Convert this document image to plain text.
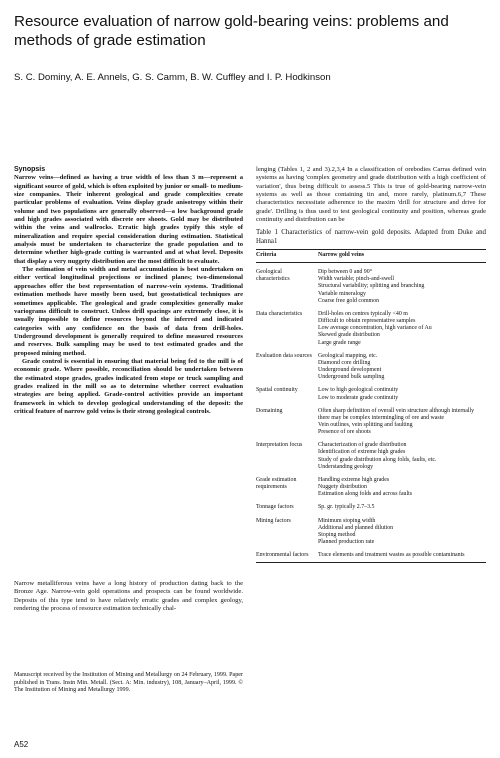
Resource evaluation of narrow gold-bearing veins: problems and methods of grade estimation
S. C. Dominy, A. E. Annels, G. S. Camm, B. W. Cuffley and I. P. Hodkinson
Synopsis

Narrow veins—defined as having a true width of less than 3 m—represent a significant source of gold, which is often exploited by junior or small- to medium-size companies. Their inherent geological and grade complexities create particular problems of evaluation. Veins display grade anisotropy within their volume and two populations are generally observed—a low background grade and high grades associated with discrete ore shoots. Gold may be distributed within the veins and wallrocks. Erratic high grades typify this style of mineralization and require special consideration during estimation. Statistical analysis must be undertaken to characterize the grade population and to determine whether high-grade cutting is warranted and at what level. Deposits that display a very nuggety distribution are the most difficult to evaluate.

The estimation of vein width and metal accumulation is best undertaken on either vertical longitudinal projections or inclined planes; two-dimensional approaches offer the best representation of narrow-vein systems. Traditional estimation methods have mostly been used, but geostatistical techniques are sometimes applicable. The geological and grade complexities generally make variograms difficult to construct. Unless drill spacings are extremely close, it is usually impossible to define resources beyond the inferred and indicated categories with any confidence on the basis of data from drill-holes. Underground development is generally required to define measured resources and reserves. Bulk sampling may be used to test estimated grades and the proposed mining method.

Grade control is essential in ensuring that material being fed to the mill is of economic grade. Where possible, reconciliation should be undertaken between the estimated stope grades, grades indicated from stope or truck sampling and grades realized in the mill so as to determine whether correct evaluation strategies are being applied. Grade-control activities provide an important framework in which to develop geological understanding of the deposit: the critical feature of narrow gold veins is their strong geological controls.

Narrow metalliferous veins have a long history of production dating back to the Bronze Age. Narrow-vein gold operations and prospects can be found worldwide. Deposits of this type tend to have relatively erratic grades and complex geology, rendering the process of resource estimation technically chal-

Manuscript received by the Institution of Mining and Metallurgy on 24 February, 1999. Paper published in Trans. Instn Min. Metall. (Sect. A: Min. industry), 108, January–April, 1999. © The Institution of Mining and Metallurgy 1999.
A52

lenging (Tables 1, 2 and 3).2,3,4 In a classification of orebodies Carras defined vein systems as having 'complex geometry and grade distribution with a high coefficient of variation', thus being difficult to assess.5 This is true of gold-bearing narrow-vein systems as well as those containing tin and, more rarely, platinum.6,7 These characteristics necessitate adherence to the maxim 'drill for structure and drive for grade'. Drilling is thus used to test geological continuity and position, whereas grade continuity and distribution can be

Table 1 Characteristics of narrow-vein gold deposits. Adapted from Duke and Hanna1
Criteria	Narrow gold veins
Geological characteristics	Dip between 0 and 90°
Width variable; pinch-and-swell
Structural variability; splitting and branching
Variable mineralogy
Coarse free gold common

Data characteristics	Drill-holes on centres typically <40 m
Difficult to obtain representative samples
Low average concentration, high variance of Au
Skewed grade distribution
Large grade range

Evaluation data sources	Geological mapping, etc.
Diamond core drilling
Underground development
Underground bulk sampling

Spatial continuity	Low to high geological continuity
Low to moderate grade continuity

Domaining	Often sharp definition of overall vein structure although internally there may be complex intermingling of ore and waste
Vein outlines, vein splitting and faulting
Presence of ore shoots

Interpretation focus	Characterization of grade distribution
Identification of extreme high grades
Study of grade distribution along folds, faults, etc.
Understanding geology

Grade estimation requirements	Handling extreme high grades
Nuggety distribution
Estimation along folds and across faults

Tonnage factors	Sp. gr. typically 2.7–3.5

Mining factors	Minimum stoping width
Additional and planned dilution
Stoping method
Planned production rate

Environmental factors	Trace elements and treatment wastes as possible contaminants
